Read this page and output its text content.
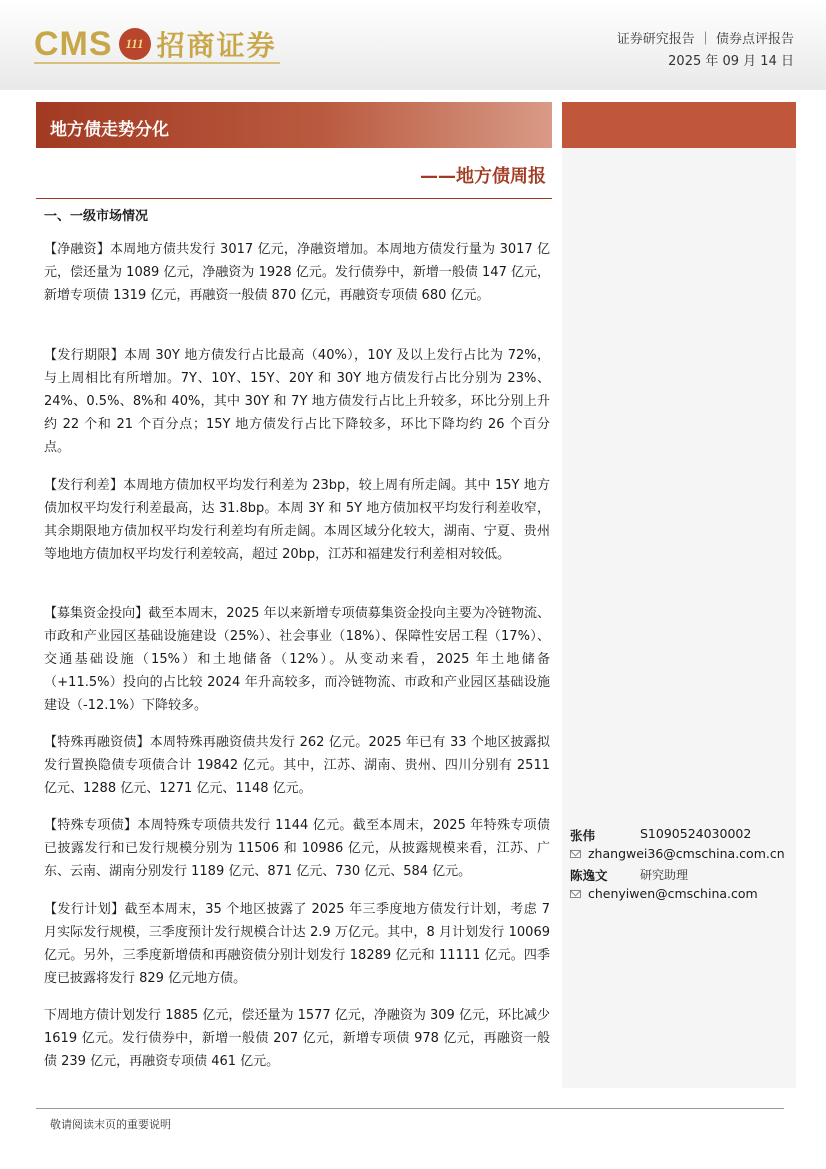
CMS 111 招商证券	证券研究报告 ｜ 债券点评报告
2025 年 09 月 14 日
地方债走势分化
——地方债周报
一、一级市场情况
【净融资】本周地方债共发行 3017 亿元，净融资增加。本周地方债发行量为 3017 亿元，偿还量为 1089 亿元，净融资为 1928 亿元。发行债券中，新增一般债 147 亿元，新增专项债 1319 亿元，再融资一般债 870 亿元，再融资专项债 680 亿元。
【发行期限】本周 30Y 地方债发行占比最高（40%），10Y 及以上发行占比为 72%，与上周相比有所增加。7Y、10Y、15Y、20Y 和 30Y 地方债发行占比分别为 23%、24%、0.5%、8%和 40%，其中 30Y 和 7Y 地方债发行占比上升较多，环比分别上升约 22 个和 21 个百分点；15Y 地方债发行占比下降较多，环比下降均约 26 个百分点。
【发行利差】本周地方债加权平均发行利差为 23bp，较上周有所走阔。其中 15Y 地方债加权平均发行利差最高，达 31.8bp。本周 3Y 和 5Y 地方债加权平均发行利差收窄，其余期限地方债加权平均发行利差均有所走阔。本周区域分化较大，湖南、宁夏、贵州等地地方债加权平均发行利差较高，超过 20bp，江苏和福建发行利差相对较低。
【募集资金投向】截至本周末，2025 年以来新增专项债募集资金投向主要为冷链物流、市政和产业园区基础设施建设（25%）、社会事业（18%）、保障性安居工程（17%）、交通基础设施（15%）和土地储备（12%）。从变动来看，2025 年土地储备（+11.5%）投向的占比较 2024 年升高较多，而冷链物流、市政和产业园区基础设施建设（-12.1%）下降较多。
【特殊再融资债】本周特殊再融资债共发行 262 亿元。2025 年已有 33 个地区披露拟发行置换隐债专项债合计 19842 亿元。其中，江苏、湖南、贵州、四川分别有 2511 亿元、1288 亿元、1271 亿元、1148 亿元。
【特殊专项债】本周特殊专项债共发行 1144 亿元。截至本周末，2025 年特殊专项债已披露发行和已发行规模分别为 11506 和 10986 亿元，从披露规模来看，江苏、广东、云南、湖南分别发行 1189 亿元、871 亿元、730 亿元、584 亿元。
【发行计划】截至本周末，35 个地区披露了 2025 年三季度地方债发行计划，考虑 7 月实际发行规模，三季度预计发行规模合计达 2.9 万亿元。其中，8 月计划发行 10069 亿元。另外，三季度新增债和再融资债分别计划发行 18289 亿元和 11111 亿元。四季度已披露将发行 829 亿元地方债。
下周地方债计划发行 1885 亿元，偿还量为 1577 亿元，净融资为 309 亿元，环比减少 1619 亿元。发行债券中，新增一般债 207 亿元，新增专项债 978 亿元，再融资一般债 239 亿元，再融资专项债 461 亿元。
张伟	S1090524030002
zhangwei36@cmschina.com.cn
陈逸文	研究助理
chenyiwen@cmschina.com
敬请阅读末页的重要说明
